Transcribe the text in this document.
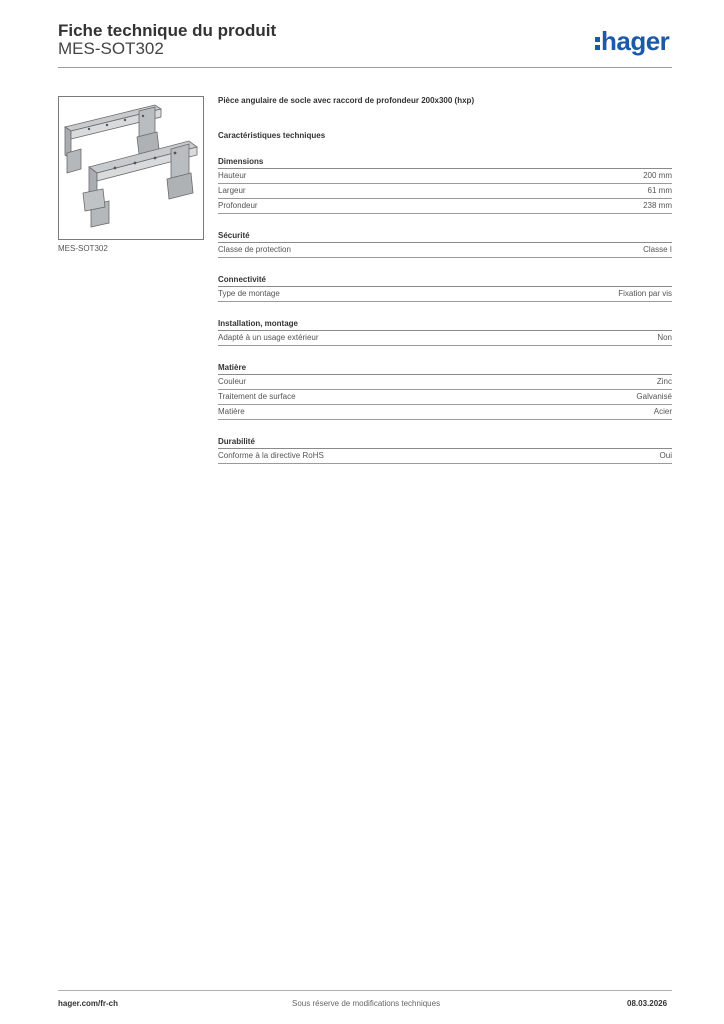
Fiche technique du produit
MES-SOT302	hager
MES-SOT302
Pièce angulaire de socle avec raccord de profondeur 200x300 (hxp)
Caractéristiques techniques
Dimensions
Hauteur	200 mm
Largeur	61 mm
Profondeur	238 mm
Sécurité
Classe de protection	Classe I
Connectivité
Type de montage	Fixation par vis
Installation, montage
Adapté à un usage extérieur	Non
Matière
Couleur	Zinc
Traitement de surface	Galvanisé
Matière	Acier
Durabilité
Conforme à la directive RoHS	Oui
hager.com/fr-ch	Sous réserve de modifications techniques	08.03.2026
